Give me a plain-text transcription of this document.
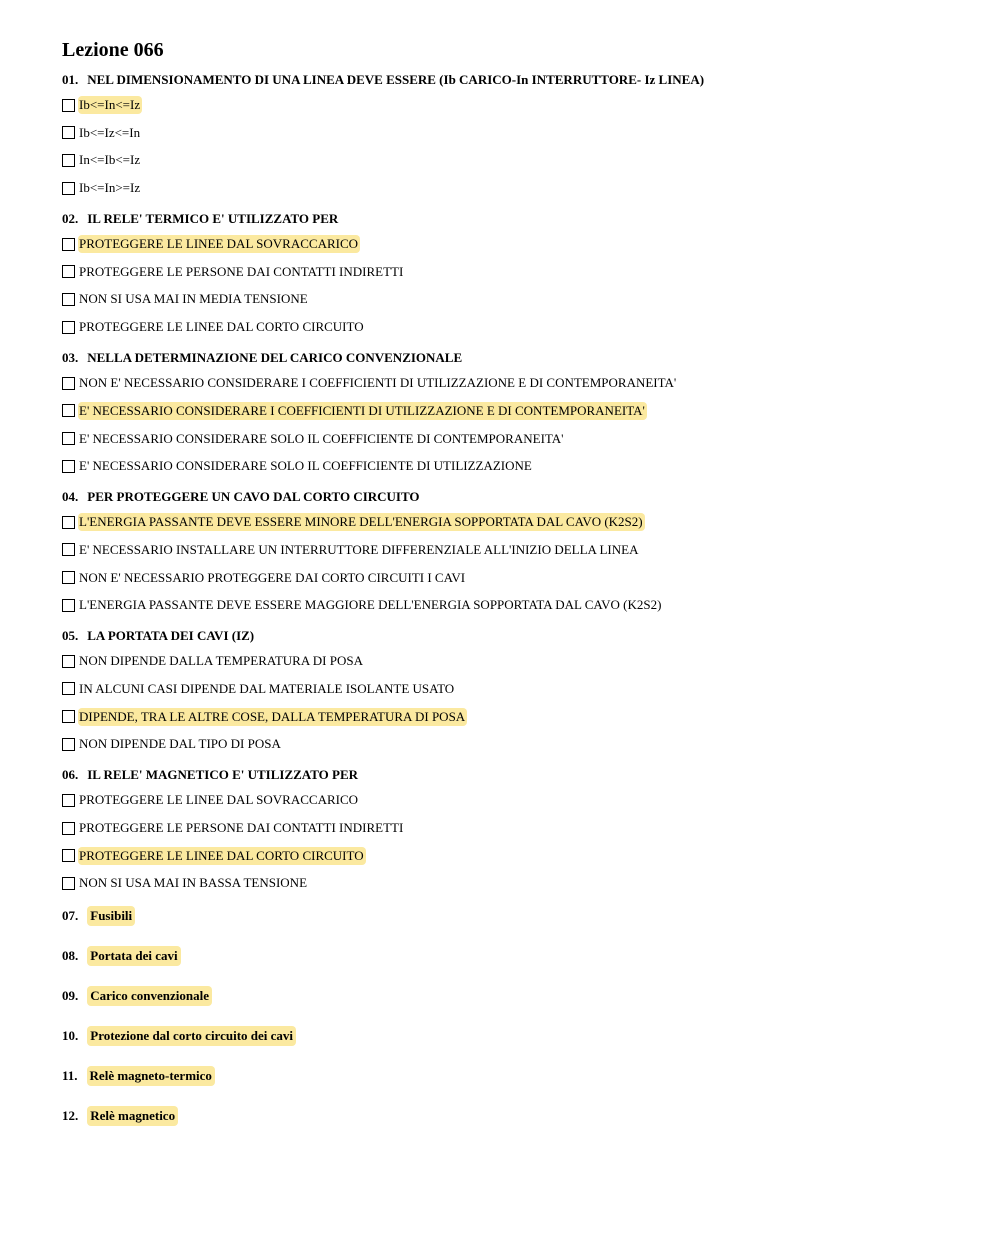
Lezione 066
01. NEL DIMENSIONAMENTO DI UNA LINEA DEVE ESSERE (Ib CARICO-In INTERRUTTORE- Iz LINEA)
Ib<=In<=Iz
Ib<=Iz<=In
In<=Ib<=Iz
Ib<=In>=Iz
02. IL RELE' TERMICO E' UTILIZZATO PER
PROTEGGERE LE LINEE DAL SOVRACCARICO
PROTEGGERE LE PERSONE DAI CONTATTI INDIRETTI
NON SI USA MAI IN MEDIA TENSIONE
PROTEGGERE LE LINEE DAL CORTO CIRCUITO
03. NELLA DETERMINAZIONE DEL CARICO CONVENZIONALE
NON E' NECESSARIO CONSIDERARE I COEFFICIENTI DI UTILIZZAZIONE E DI CONTEMPORANEITA'
E' NECESSARIO CONSIDERARE I COEFFICIENTI DI UTILIZZAZIONE E DI CONTEMPORANEITA'
E' NECESSARIO CONSIDERARE SOLO IL COEFFICIENTE DI CONTEMPORANEITA'
E' NECESSARIO CONSIDERARE SOLO IL COEFFICIENTE DI UTILIZZAZIONE
04. PER PROTEGGERE UN CAVO DAL CORTO CIRCUITO
L'ENERGIA PASSANTE DEVE ESSERE MINORE DELL'ENERGIA SOPPORTATA DAL CAVO (K2S2)
E' NECESSARIO INSTALLARE UN INTERRUTTORE DIFFERENZIALE ALL'INIZIO DELLA LINEA
NON E' NECESSARIO PROTEGGERE DAI CORTO CIRCUITI I CAVI
L'ENERGIA PASSANTE DEVE ESSERE MAGGIORE DELL'ENERGIA SOPPORTATA DAL CAVO (K2S2)
05. LA PORTATA DEI CAVI (IZ)
NON DIPENDE DALLA TEMPERATURA DI POSA
IN ALCUNI CASI DIPENDE DAL MATERIALE ISOLANTE USATO
DIPENDE, TRA LE ALTRE COSE, DALLA TEMPERATURA DI POSA
NON DIPENDE DAL TIPO DI POSA
06. IL RELE' MAGNETICO E' UTILIZZATO PER
PROTEGGERE LE LINEE DAL SOVRACCARICO
PROTEGGERE LE PERSONE DAI CONTATTI INDIRETTI
PROTEGGERE LE LINEE DAL CORTO CIRCUITO
NON SI USA MAI IN BASSA TENSIONE
07. Fusibili
08. Portata dei cavi
09. Carico convenzionale
10. Protezione dal corto circuito dei cavi
11. Relè magneto-termico
12. Relè magnetico
